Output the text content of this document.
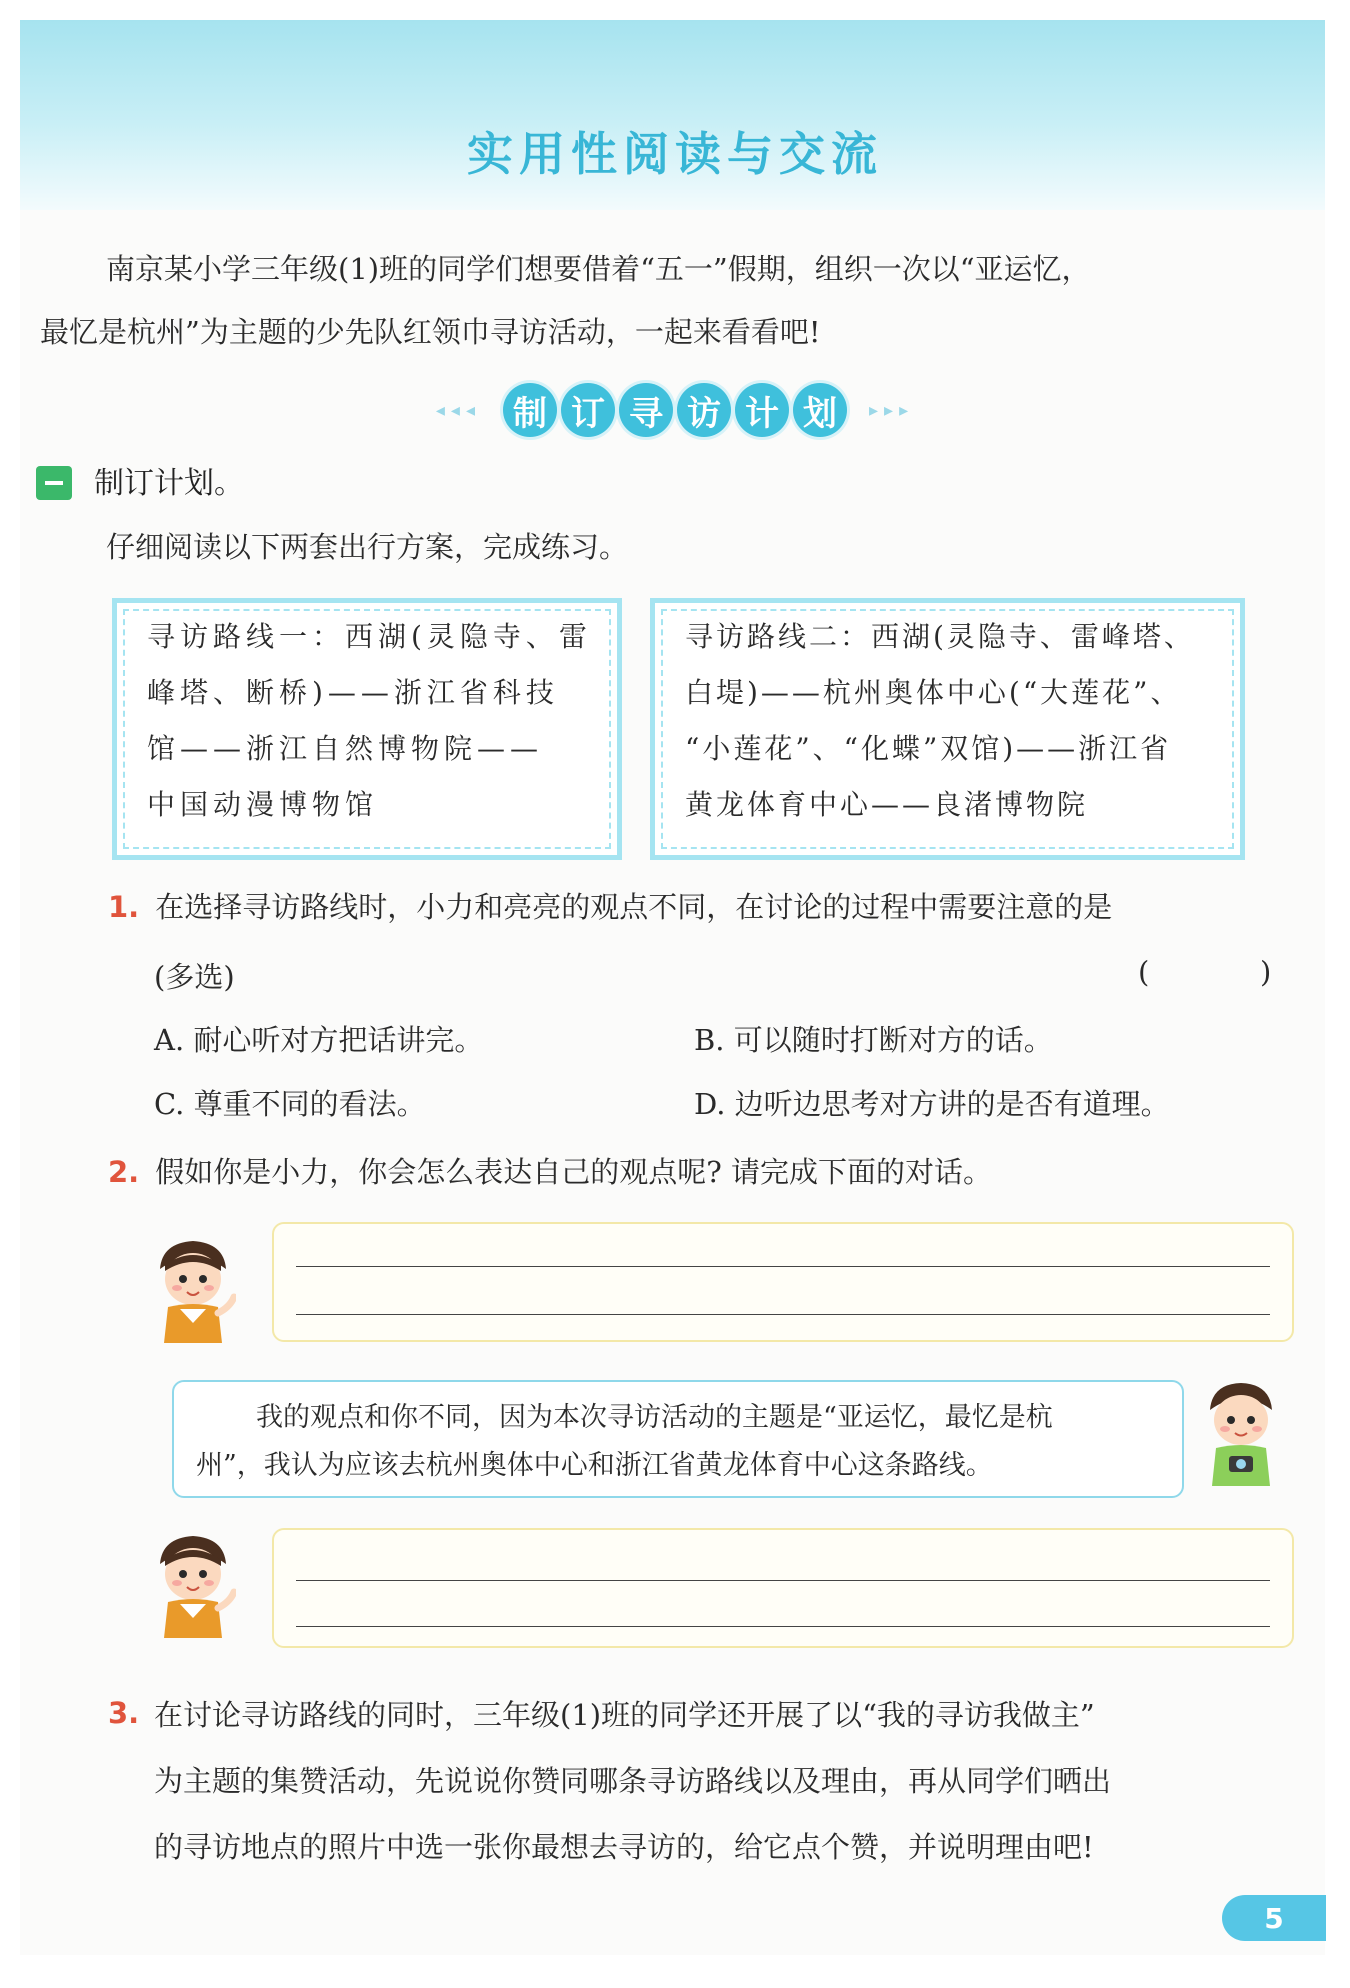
实用性阅读与交流
南京某小学三年级(1)班的同学们想要借着“五一”假期，组织一次以“亚运忆，
最忆是杭州”为主题的少先队红领巾寻访活动，一起来看看吧!
◂◂◂ 制 订 寻 访 计 划	▸▸▸
制订计划。
仔细阅读以下两套出行方案，完成练习。
寻访路线一：西湖(灵隐寺、雷
峰塔、断桥)——浙江省科技
馆——浙江自然博物院——
中国动漫博物馆
寻访路线二：西湖(灵隐寺、雷峰塔、
白堤)——杭州奥体中心(“大莲花”、
“小莲花”、“化蝶”双馆)——浙江省
黄龙体育中心——良渚博物院
1. 在选择寻访路线时，小力和亮亮的观点不同，在讨论的过程中需要注意的是
(多选)	(	)
A. 耐心听对方把话讲完。	B. 可以随时打断对方的话。
C. 尊重不同的看法。	D. 边听边思考对方讲的是否有道理。
2. 假如你是小力，你会怎么表达自己的观点呢? 请完成下面的对话。
我的观点和你不同，因为本次寻访活动的主题是“亚运忆，最忆是杭
州”，我认为应该去杭州奥体中心和浙江省黄龙体育中心这条路线。
3. 在讨论寻访路线的同时，三年级(1)班的同学还开展了以“我的寻访我做主”
为主题的集赞活动，先说说你赞同哪条寻访路线以及理由，再从同学们晒出
的寻访地点的照片中选一张你最想去寻访的，给它点个赞，并说明理由吧!
5
